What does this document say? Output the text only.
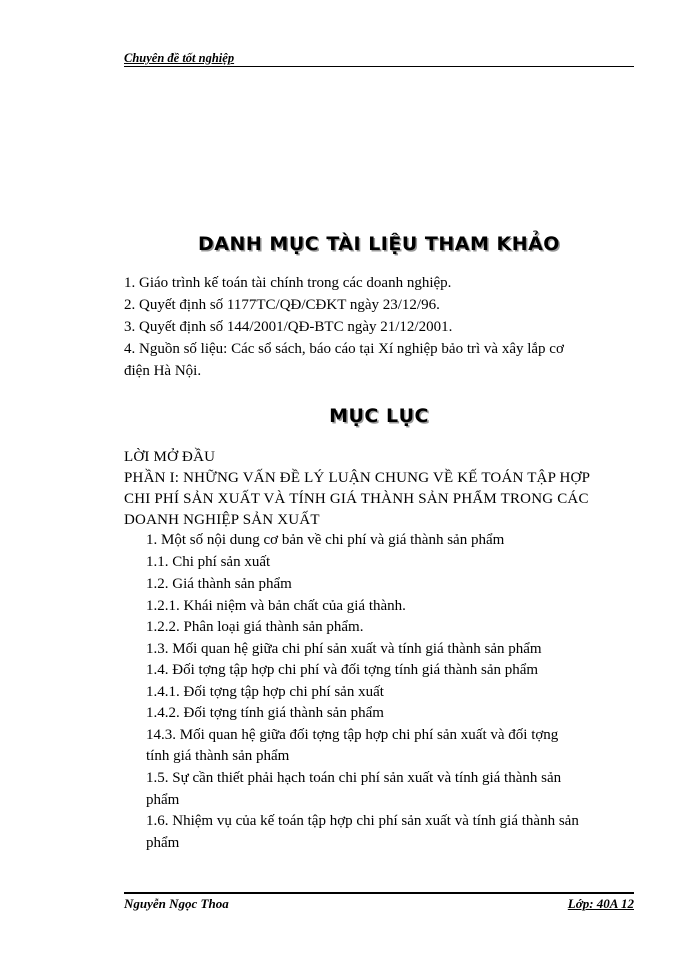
Chuyên đề tốt nghiệp
DANH MỤC TÀI LIỆU THAM KHẢO
1. Giáo trình kế toán tài chính trong các doanh nghiệp.
2. Quyết định số 1177TC/QĐ/CĐKT ngày 23/12/96.
3. Quyết định số 144/2001/QĐ-BTC ngày 21/12/2001.
4. Nguồn số liệu: Các sổ sách, báo cáo tại Xí nghiệp bảo trì và xây lắp cơ
điện Hà Nội.
MỤC LỤC
LỜI MỞ ĐẦU
PHẦN I: NHỮNG VẤN ĐỀ LÝ LUẬN CHUNG VỀ KẾ TOÁN TẬP HỢP
CHI PHÍ SẢN XUẤT VÀ TÍNH GIÁ THÀNH SẢN PHẨM TRONG CÁC
DOANH NGHIỆP SẢN XUẤT
1. Một số nội dung cơ bản về chi phí và giá thành sản phẩm
1.1. Chi phí sản xuất
1.2. Giá thành sản phẩm
1.2.1. Khái niệm và bản chất của giá thành.
1.2.2. Phân loại giá thành sản phẩm.
1.3. Mối quan hệ giữa chi phí sản xuất và tính giá thành sản phẩm
1.4. Đối tợng tập hợp chi phí và đối tợng tính giá thành sản phẩm
1.4.1. Đối tợng tập hợp chi phí sản xuất
1.4.2. Đối tợng tính giá thành sản phẩm
14.3. Mối quan hệ giữa đối tợng tập hợp chi phí sản xuất và đối tợng
tính giá thành sản phẩm
1.5. Sự cần thiết phải hạch toán chi phí sản xuất và tính giá thành sản
phẩm
1.6. Nhiệm vụ của kế toán tập hợp chi phí sản xuất và tính giá thành sản
phẩm
Nguyễn Ngọc Thoa	Lớp: 40A 12
